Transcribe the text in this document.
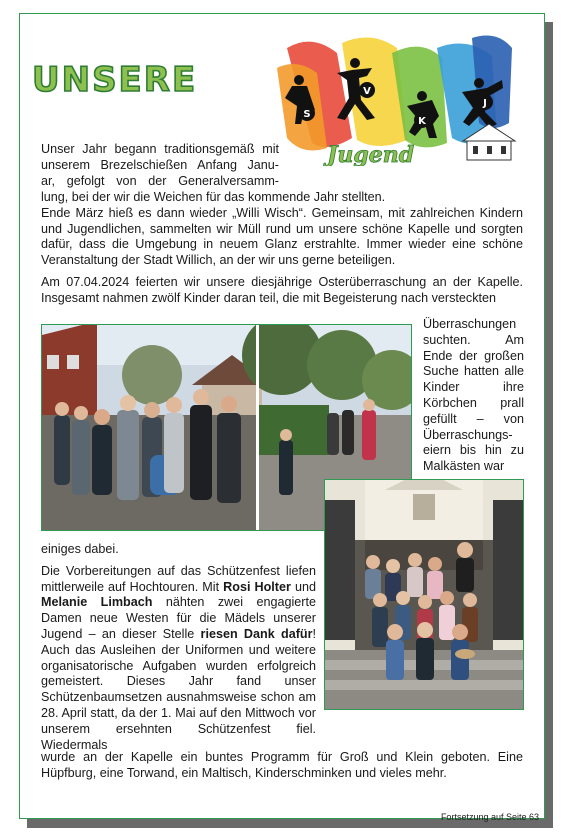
UNSERE
S
V
K
J
Jugend

Unser Jahr begann traditionsgemäß mit

unserem Brezelschießen Anfang Janu-

ar, gefolgt von der Generalversamm-

lung, bei der wir die Weichen für das kommende Jahr stellten.

Ende März hieß es dann wieder „Willi Wisch“. Gemeinsam, mit zahlreichen Kindern und Jugendlichen, sammelten wir Müll rund um unsere schöne Kapelle und sorgten dafür, dass die Umgebung in neuem Glanz erstrahlte. Immer wieder eine schöne Veranstaltung der Stadt Willich, an der wir uns gerne beteiligen.

Am 07.04.2024 feierten wir unsere diesjährige Osterüberraschung an der Kapelle. Insgesamt nahmen zwölf Kinder daran teil, die mit Begeisterung nach versteckten

Überraschungen suchten. Am Ende der großen Suche hatten alle Kinder ihre Körbchen prall gefüllt – von Überraschungs-eiern bis hin zu Malkästen war

einiges dabei.

Die Vorbereitungen auf das Schützenfest liefen mittlerweile auf Hochtouren. Mit Rosi Holter und Melanie Limbach nähten zwei engagierte Damen neue Westen für die Mädels unserer Jugend – an dieser Stelle riesen Dank dafür! Auch das Ausleihen der Uniformen und weitere organisatorische Aufgaben wurden erfolgreich gemeistert. Dieses Jahr fand unser Schützenbaumsetzen ausnahmsweise schon am 28. April statt, da der 1. Mai auf den Mittwoch vor unserem ersehnten Schützenfest fiel. Wiedermals

wurde an der Kapelle ein buntes Programm für Groß und Klein geboten. Eine Hüpfburg, eine Torwand, ein Maltisch, Kinderschminken und vieles mehr.

Fortsetzung auf Seite 63
